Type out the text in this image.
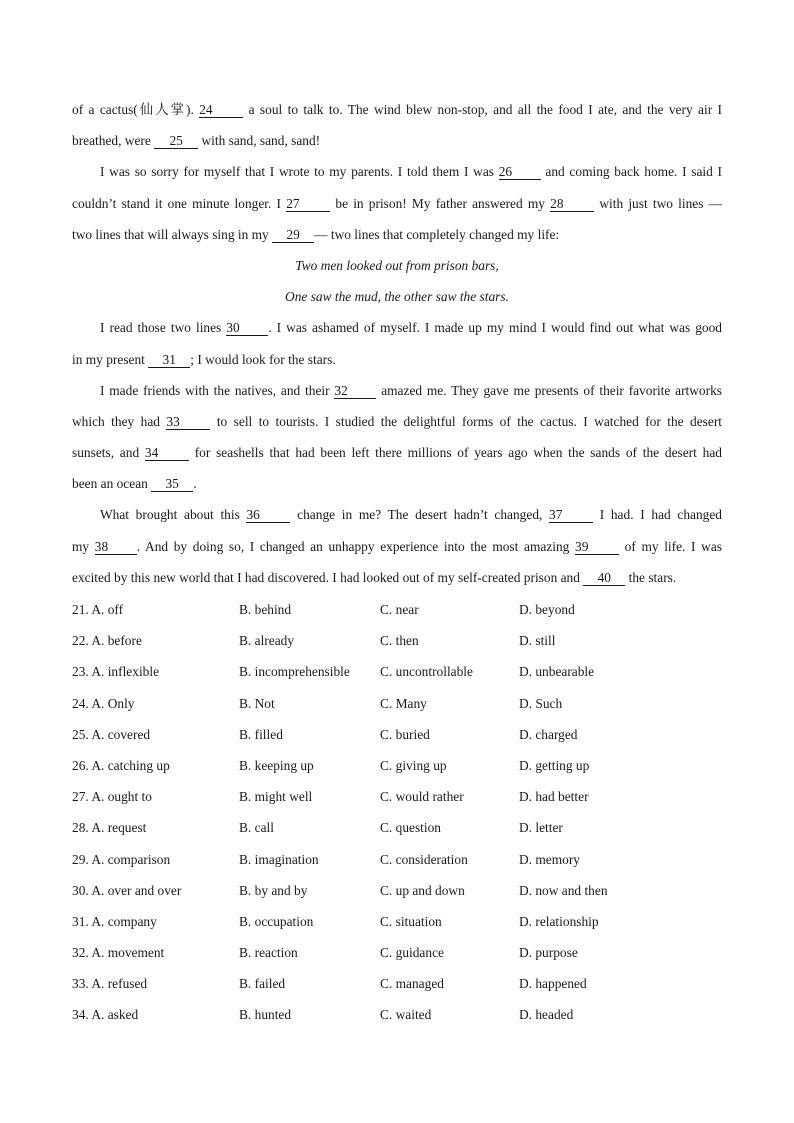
of a cactus(仙人掌). 24 a soul to talk to. The wind blew non-stop, and all the food I ate, and the very air I
breathed, were 25 with sand, sand, sand!
I was so sorry for myself that I wrote to my parents. I told them I was 26 and coming back home. I said I
couldn’t stand it one minute longer. I 27 be in prison! My father answered my 28 with just two lines —
two lines that will always sing in my 29 — two lines that completely changed my life:
Two men looked out from prison bars,
One saw the mud, the other saw the stars.
I read those two lines 30 . I was ashamed of myself. I made up my mind I would find out what was good
in my present 31 ; I would look for the stars.
I made friends with the natives, and their 32 amazed me. They gave me presents of their favorite artworks
which they had 33 to sell to tourists. I studied the delightful forms of the cactus. I watched for the desert
sunsets, and 34 for seashells that had been left there millions of years ago when the sands of the desert had
been an ocean 35 .
What brought about this 36 change in me? The desert hadn’t changed, 37 I had. I had changed
my 38 . And by doing so, I changed an unhappy experience into the most amazing 39 of my life. I was
excited by this new world that I had discovered. I had looked out of my self-created prison and 40 the stars.
21. A. off	B. behind	C. near	D. beyond
22. A. before	B. already	C. then	D. still
23. A. inflexible	B. incomprehensible C. uncontrollable	D. unbearable
24. A. Only	B. Not	C. Many	D. Such
25. A. covered	B. filled	C. buried	D. charged
26. A. catching up	B. keeping up	C. giving up	D. getting up
27. A. ought to	B. might well	C. would rather	D. had better
28. A. request	B. call	C. question	D. letter
29. A. comparison	B. imagination	C. consideration	D. memory
30. A. over and over	B. by and by	C. up and down	D. now and then
31. A. company	B. occupation	C. situation	D. relationship
32. A. movement	B. reaction	C. guidance	D. purpose
33. A. refused	B. failed	C. managed	D. happened
34. A. asked	B. hunted	C. waited	D. headed
